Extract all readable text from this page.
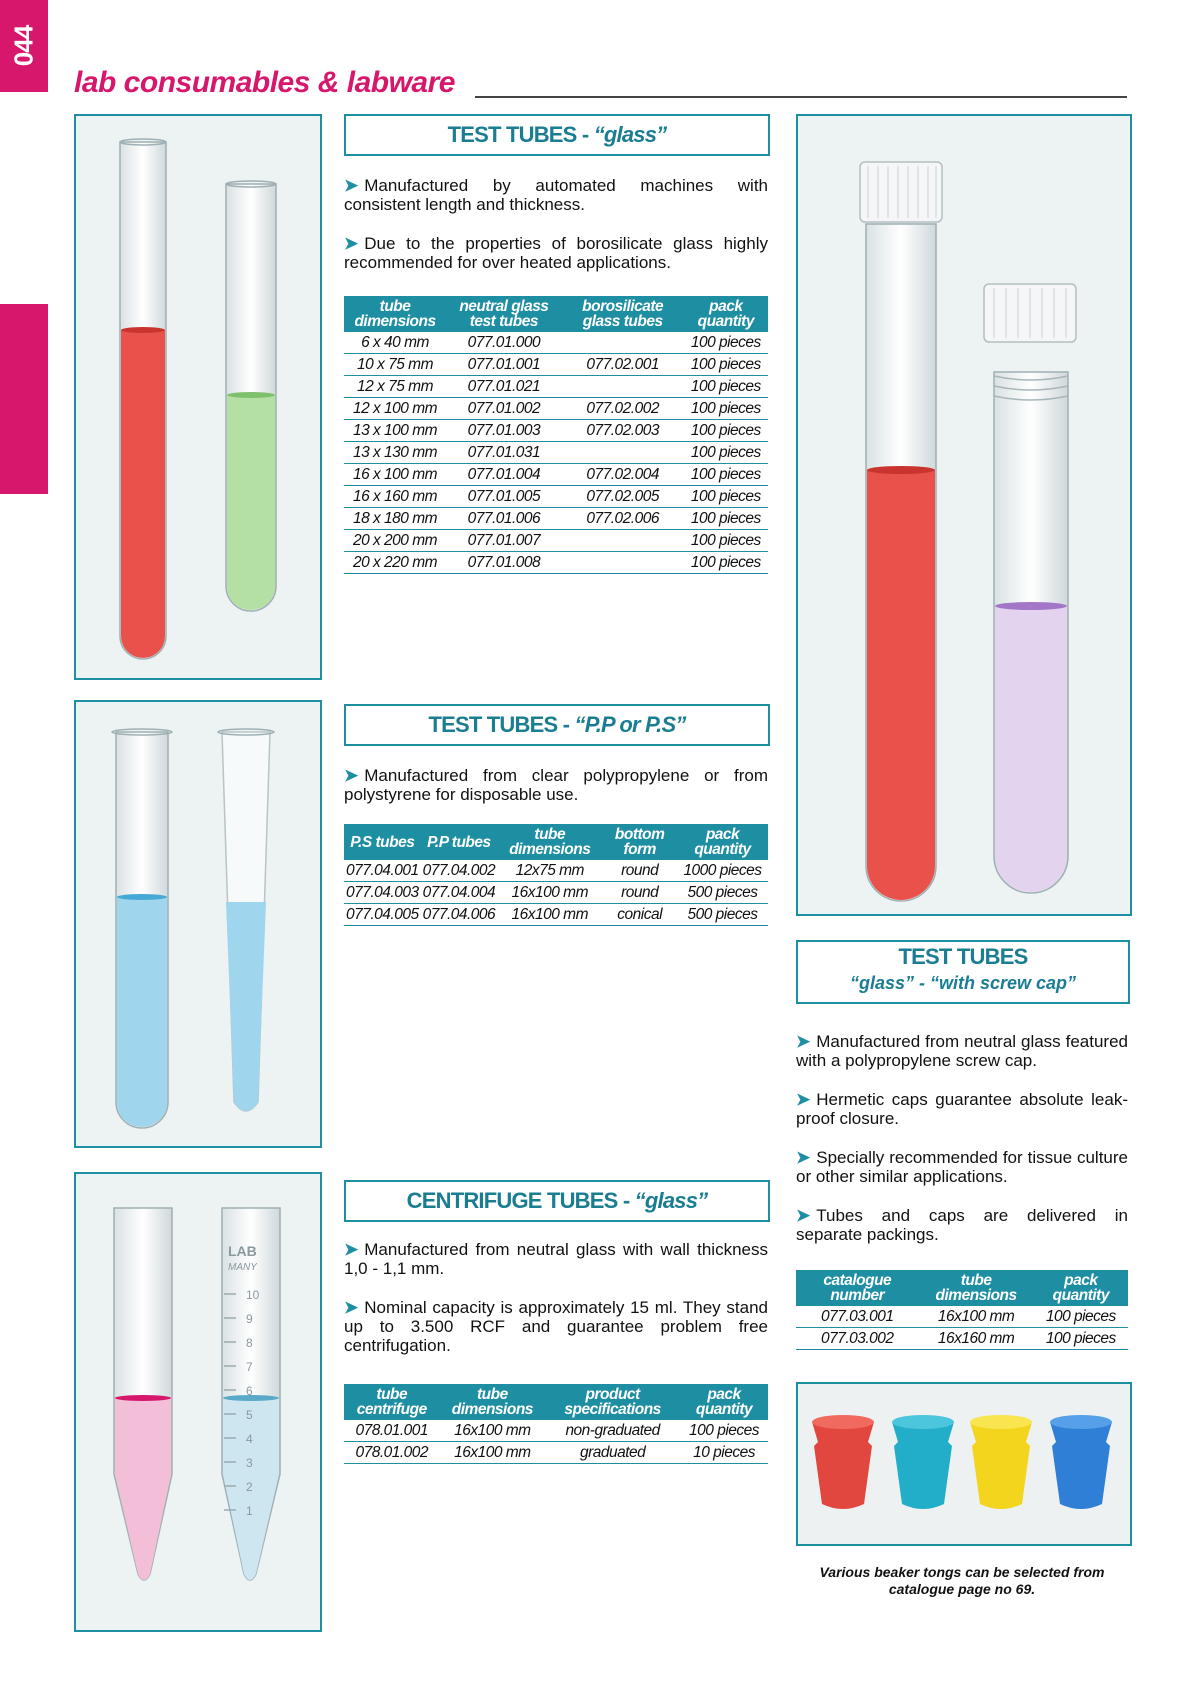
044
lab consumables & labware
LAB
MANY
10
9
8
7
6
5
4
3
2
1
TEST TUBES - “glass”
➤ Manufactured by automated machines with consistent length and thickness.
➤ Due to the properties of borosilicate glass highly recommended for over heated applications.
tube dimensions	neutral glass test tubes	borosilicate glass tubes	pack quantity
6 x 40 mm	077.01.000		100 pieces
10 x 75 mm	077.01.001	077.02.001	100 pieces
12 x 75 mm	077.01.021		100 pieces
12 x 100 mm	077.01.002	077.02.002	100 pieces
13 x 100 mm	077.01.003	077.02.003	100 pieces
13 x 130 mm	077.01.031		100 pieces
16 x 100 mm	077.01.004	077.02.004	100 pieces
16 x 160 mm	077.01.005	077.02.005	100 pieces
18 x 180 mm	077.01.006	077.02.006	100 pieces
20 x 200 mm	077.01.007		100 pieces
20 x 220 mm	077.01.008		100 pieces
TEST TUBES - “P.P or P.S”
➤ Manufactured from clear polypropylene or from polystyrene for disposable use.
P.S tubes	P.P tubes	tube dimensions	bottom form	pack quantity
077.04.001	077.04.002	12x75 mm	round	1000 pieces
077.04.003	077.04.004	16x100 mm	round	500 pieces
077.04.005	077.04.006	16x100 mm	conical	500 pieces
CENTRIFUGE TUBES - “glass”
➤ Manufactured from neutral glass with wall thickness 1,0 - 1,1 mm.
➤ Nominal capacity is approximately 15 ml. They stand up to 3.500 RCF and guarantee problem free centrifugation.
tube centrifuge	tube dimensions	product specifications	pack quantity
078.01.001	16x100 mm	non-graduated	100 pieces
078.01.002	16x100 mm	graduated	10 pieces
TEST TUBES
“glass” - “with screw cap”
➤ Manufactured from neutral glass featured with a polypropylene screw cap.
➤ Hermetic caps guarantee absolute leak-proof closure.
➤ Specially recommended for tissue culture or other similar applications.
➤ Tubes and caps are delivered in separate packings.
catalogue number	tube dimensions	pack quantity
077.03.001	16x100 mm	100 pieces
077.03.002	16x160 mm	100 pieces
Various beaker tongs can be selected from catalogue page no 69.
